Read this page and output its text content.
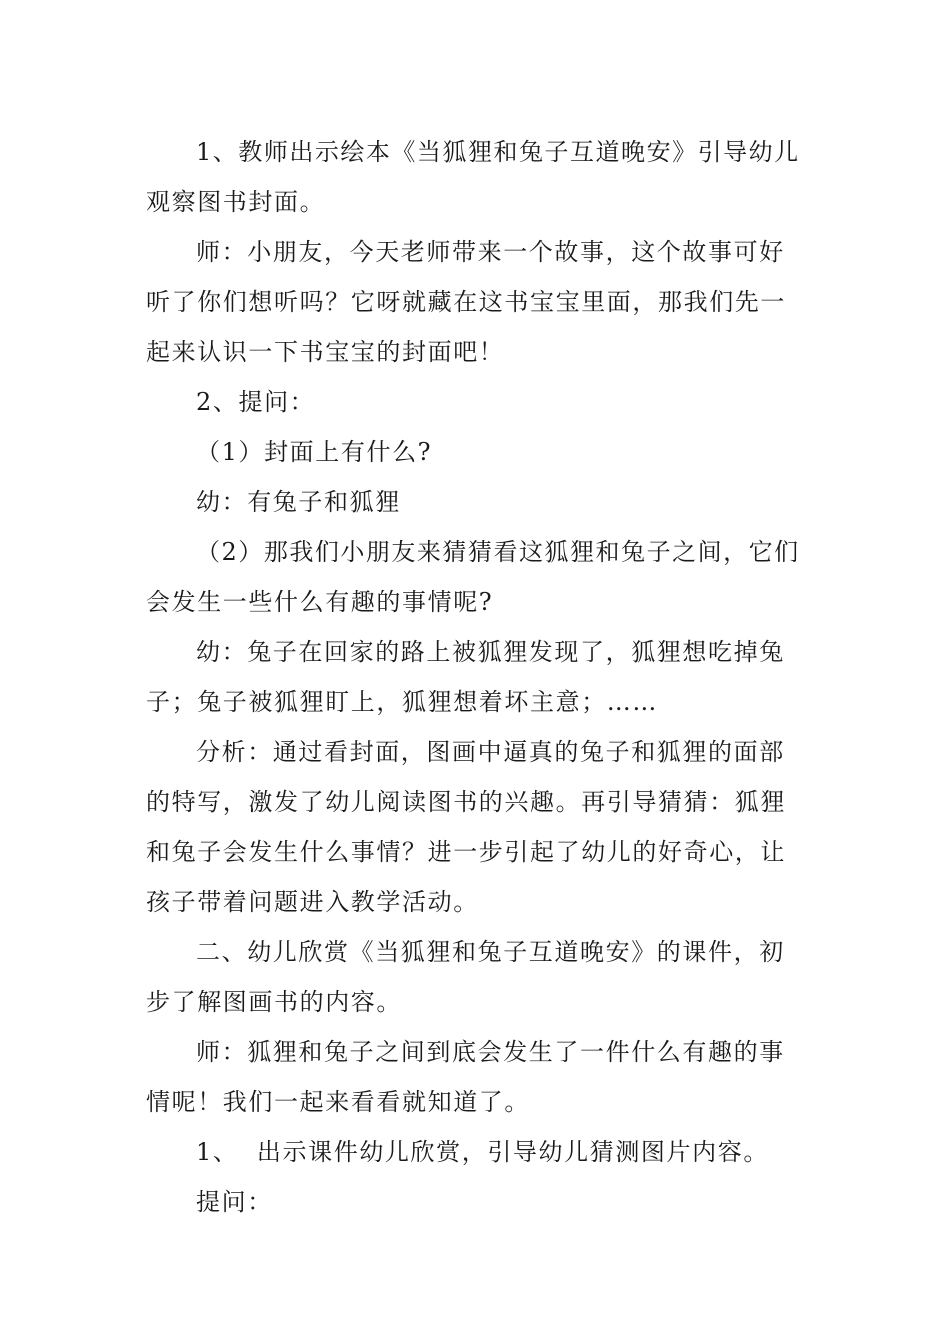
1、教师出示绘本《当狐狸和兔子互道晚安》引导幼儿
观察图书封面。
师：小朋友，今天老师带来一个故事，这个故事可好
听了你们想听吗？它呀就藏在这书宝宝里面，那我们先一
起来认识一下书宝宝的封面吧！
2、提问：
（1）封面上有什么?
幼：有兔子和狐狸
（2）那我们小朋友来猜猜看这狐狸和兔子之间，它们
会发生一些什么有趣的事情呢?
幼：兔子在回家的路上被狐狸发现了，狐狸想吃掉兔
子；兔子被狐狸盯上，狐狸想着坏主意；……
分析：通过看封面，图画中逼真的兔子和狐狸的面部
的特写，激发了幼儿阅读图书的兴趣。再引导猜猜：狐狸
和兔子会发生什么事情？进一步引起了幼儿的好奇心，让
孩子带着问题进入教学活动。
二、幼儿欣赏《当狐狸和兔子互道晚安》的课件，初
步了解图画书的内容。
师：狐狸和兔子之间到底会发生了一件什么有趣的事
情呢！我们一起来看看就知道了。
1、  出示课件幼儿欣赏，引导幼儿猜测图片内容。
提问：
